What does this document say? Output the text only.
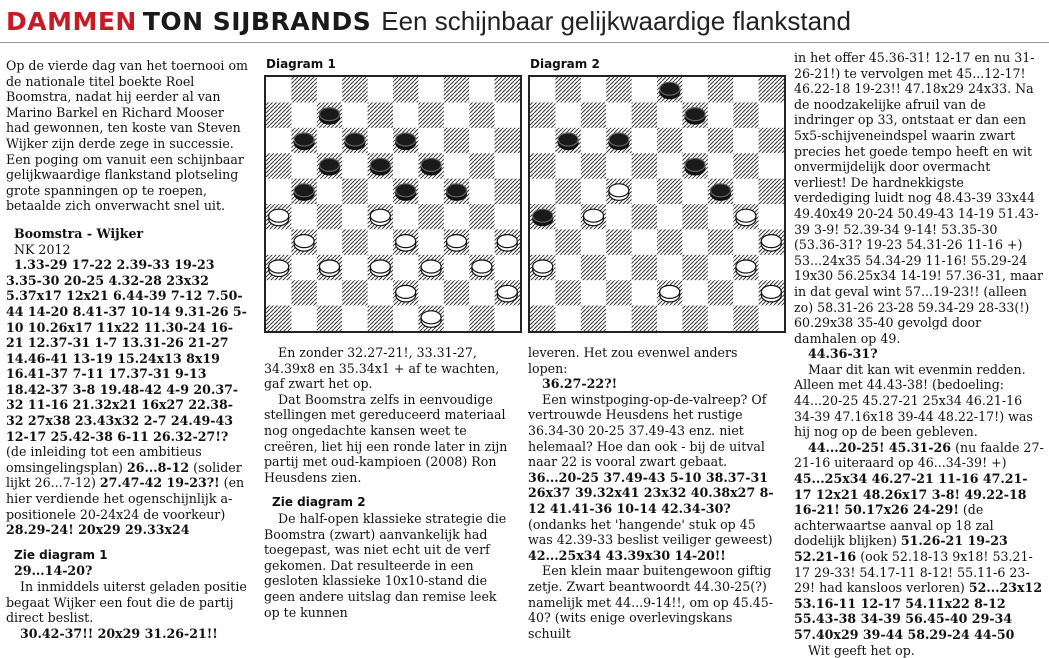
DAMMEN TON SIJBRANDS Een schijnbaar gelijkwaardige flankstand

Op de vierde dag van het toernooi om de nationale titel boekte Roel Boomstra, nadat hij eerder al van Marino Barkel en Richard Mooser had gewonnen, ten koste van Steven Wijker zijn derde zege in successie. Een poging om vanuit een schijnbaar gelijkwaardige flankstand plotseling grote spanningen op te roepen, betaalde zich onverwacht snel uit.

Boomstra - Wijker

NK 2012

1.33-29 17-22 2.39-33 19-23 3.35-30 20-25 4.32-28 23x32 5.37x17 12x21 6.44-39 7-12 7.50-44 14-20 8.41-37 10-14 9.31-26 5-10 10.26x17 11x22 11.30-24 16-21 12.37-31 1-7 13.31-26 21-27 14.46-41 13-19 15.24x13 8x19 16.41-37 7-11 17.37-31 9-13 18.42-37 3-8 19.48-42 4-9 20.37-32 11-16 21.32x21 16x27 22.38-32 27x38 23.43x32 2-7 24.49-43 12-17 25.42-38 6-11 26.32-27!? (de inleiding tot een ambitieus omsingelingsplan) 26...8-12 (solider lijkt 26...7-12) 27.47-42 19-23?! (en hier verdiende het ogenschijnlijk a-positionele 20-24x24 de voorkeur) 28.29-24! 20x29 29.33x24

Zie diagram 1

29...14-20?

In inmiddels uiterst geladen positie begaat Wijker een fout die de partij direct beslist.

30.42-37!! 20x29 31.26-21!!

Diagram 1

En zonder 32.27-21!, 33.31-27, 34.39x8 en 35.34x1 + af te wachten, gaf zwart het op.

Dat Boomstra zelfs in eenvoudige stellingen met gereduceerd materiaal nog ongedachte kansen weet te creëren, liet hij een ronde later in zijn partij met oud-kampioen (2008) Ron Heusdens zien.

Zie diagram 2

De half-open klassieke strategie die Boomstra (zwart) aanvankelijk had toegepast, was niet echt uit de verf gekomen. Dat resulteerde in een gesloten klassieke 10x10-stand die geen andere uitslag dan remise leek op te kunnen

Diagram 2

leveren. Het zou evenwel anders lopen:

36.27-22?!

Een winstpoging-op-de-valreep? Of vertrouwde Heusdens het rustige 36.34-30 20-25 37.49-43 enz. niet helemaal? Hoe dan ook - bij de uitval naar 22 is vooral zwart gebaat.

36...20-25 37.49-43 5-10 38.37-31 26x37 39.32x41 23x32 40.38x27 8-12 41.41-36 10-14 42.34-30? (ondanks het 'hangende' stuk op 45 was 42.39-33 beslist veiliger geweest) 42...25x34 43.39x30 14-20!!

Een klein maar buitengewoon giftig zetje. Zwart beantwoordt 44.30-25(?) namelijk met 44...9-14!!, om op 45.45-40? (wits enige overlevingskans schuilt

in het offer 45.36-31! 12-17 en nu 31-26-21!) te vervolgen met 45...12-17! 46.22-18 19-23!! 47.18x29 24x33. Na de noodzakelijke afruil van de indringer op 33, ontstaat er dan een 5x5-schijveneindspel waarin zwart precies het goede tempo heeft en wit onvermijdelijk door overmacht verliest! De hardnekkigste verdediging luidt nog 48.43-39 33x44 49.40x49 20-24 50.49-43 14-19 51.43-39 3-9! 52.39-34 9-14! 53.35-30 (53.36-31? 19-23 54.31-26 11-16 +) 53...24x35 54.34-29 11-16! 55.29-24 19x30 56.25x34 14-19! 57.36-31, maar in dat geval wint 57...19-23!! (alleen zo) 58.31-26 23-28 59.34-29 28-33(!) 60.29x38 35-40 gevolgd door damhalen op 49.

44.36-31?

Maar dit kan wit evenmin redden. Alleen met 44.43-38! (bedoeling: 44...20-25 45.27-21 25x34 46.21-16 34-39 47.16x18 39-44 48.22-17!) was hij nog op de been gebleven.

44...20-25! 45.31-26 (nu faalde 27-21-16 uiteraard op 46...34-39! +) 45...25x34 46.27-21 11-16 47.21-17 12x21 48.26x17 3-8! 49.22-18 16-21! 50.17x26 24-29! (de achterwaartse aanval op 18 zal dodelijk blijken) 51.26-21 19-23 52.21-16 (ook 52.18-13 9x18! 53.21-17 29-33! 54.17-11 8-12! 55.11-6 23-29! had kansloos verloren) 52...23x12 53.16-11 12-17 54.11x22 8-12 55.43-38 34-39 56.45-40 29-34 57.40x29 39-44 58.29-24 44-50

Wit geeft het op.
